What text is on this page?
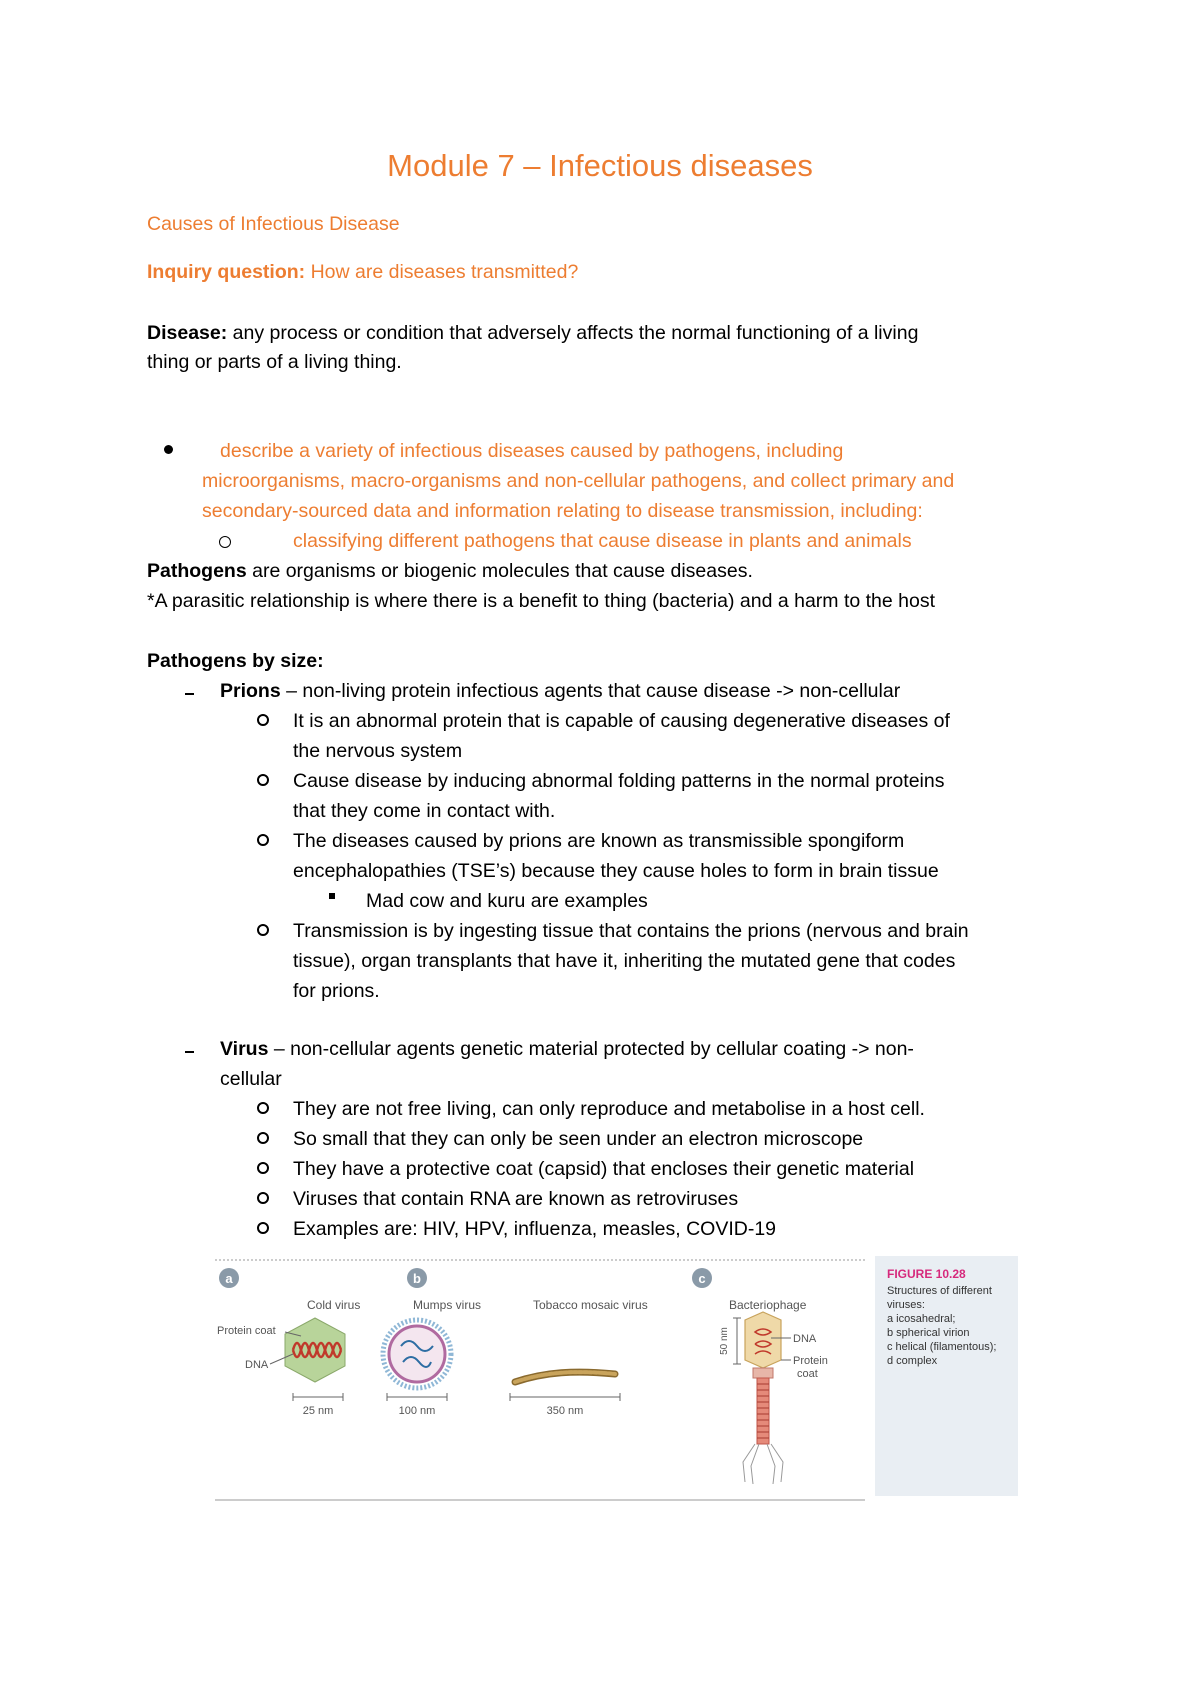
Module 7 – Infectious diseases
Causes of Infectious Disease
Inquiry question: How are diseases transmitted?
Disease: any process or condition that adversely affects the normal functioning of a living
thing or parts of a living thing.
describe a variety of infectious diseases caused by pathogens, including
microorganisms, macro-organisms and non-cellular pathogens, and collect primary and
secondary-sourced data and information relating to disease transmission, including:
classifying different pathogens that cause disease in plants and animals
Pathogens are organisms or biogenic molecules that cause diseases.
*A parasitic relationship is where there is a benefit to thing (bacteria) and a harm to the host
Pathogens by size:
Prions – non-living protein infectious agents that cause disease -> non-cellular
It is an abnormal protein that is capable of causing degenerative diseases of
the nervous system
Cause disease by inducing abnormal folding patterns in the normal proteins
that they come in contact with.
The diseases caused by prions are known as transmissible spongiform
encephalopathies (TSE’s) because they cause holes to form in brain tissue
Mad cow and kuru are examples
Transmission is by ingesting tissue that contains the prions (nervous and brain
tissue), organ transplants that have it, inheriting the mutated gene that codes
for prions.
Virus – non-cellular agents genetic material protected by cellular coating -> non-
cellular
They are not free living, can only reproduce and metabolise in a host cell.
So small that they can only be seen under an electron microscope
They have a protective coat (capsid) that encloses their genetic material
Viruses that contain RNA are known as retroviruses
Examples are: HIV, HPV, influenza, measles, COVID-19
FIGURE 10.28
Structures of different
viruses:
a icosahedral;
b spherical virion
c helical (filamentous);
d complex
a	b	c
Cold virus	Mumps virus	Tobacco mosaic virus	Bacteriophage
Protein coat
DNA
25 nm	100 nm	350 nm
50 nm	DNA
Protein
coat
